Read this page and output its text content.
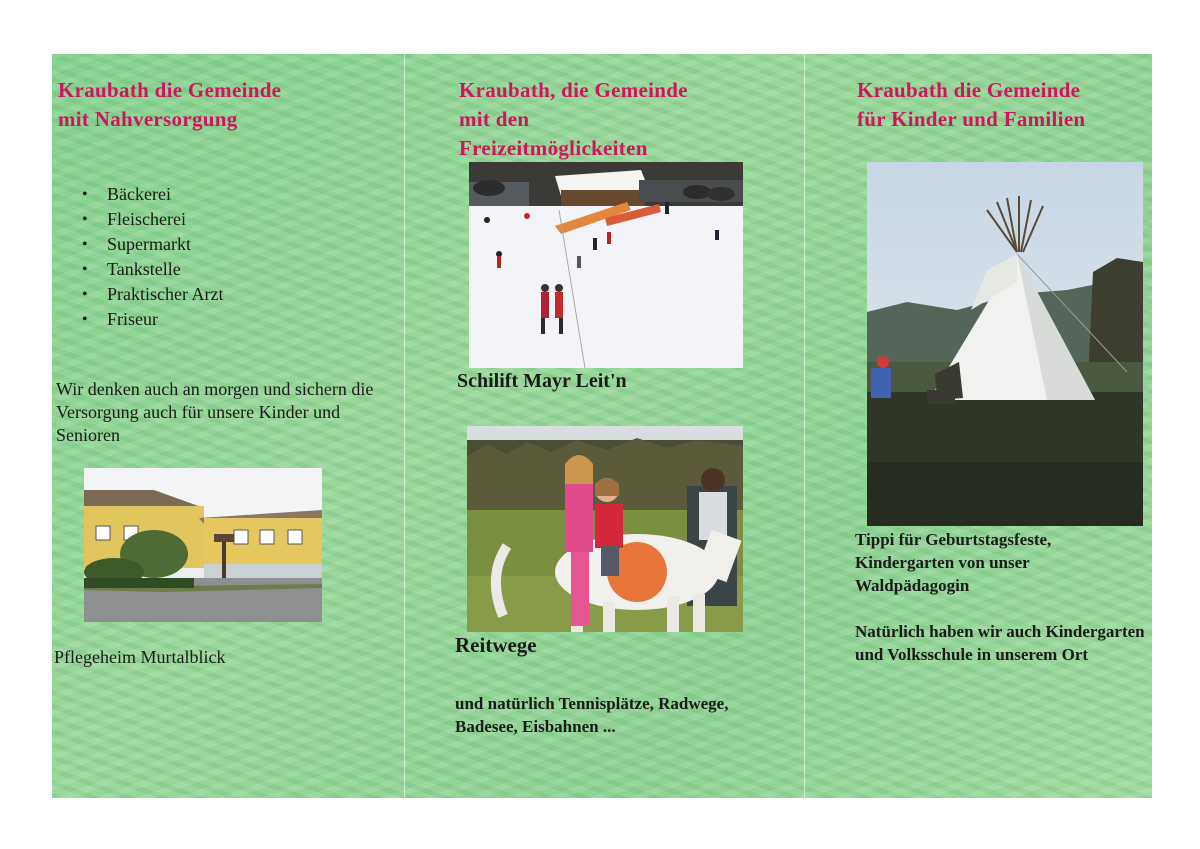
Kraubath die Gemeinde
mit Nahversorgung
• Bäckerei
• Fleischerei
• Supermarkt
• Tankstelle
• Praktischer Arzt
• Friseur

Wir denken auch an morgen und sichern die Versorgung auch für unsere Kinder und Senioren

Pflegeheim Murtalblick

Kraubath, die Gemeinde
mit den
Freizeitmöglickeiten

Schilift Mayr Leit'n

Reitwege

und natürlich Tennisplätze, Radwege, Badesee, Eisbahnen ...

Kraubath die Gemeinde
für Kinder und Familien

Tippi für Geburtstagsfeste, Kindergarten von unser Waldpädagogin

Natürlich haben wir auch Kindergarten und Volksschule in unserem Ort
